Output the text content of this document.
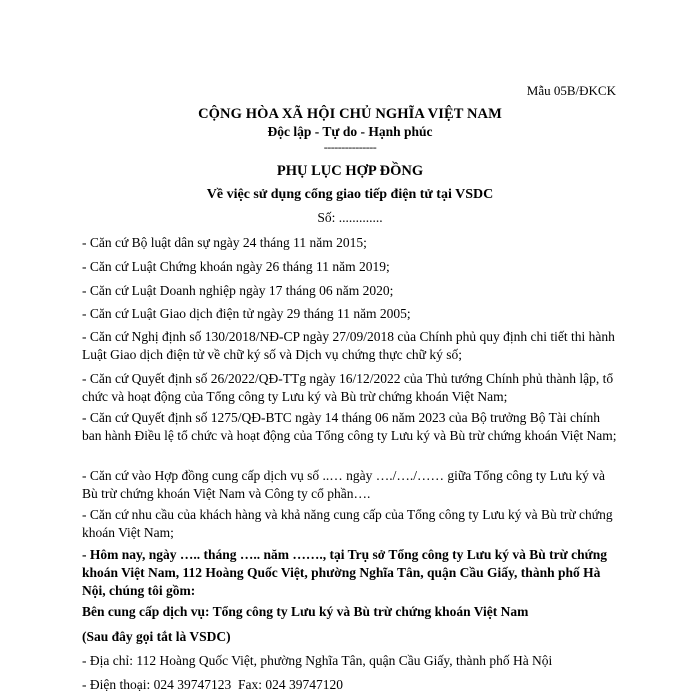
Mẫu 05B/ĐKCK
CỘNG HÒA XÃ HỘI CHỦ NGHĨA VIỆT NAM
Độc lập - Tự do - Hạnh phúc
---------------
PHỤ LỤC HỢP ĐỒNG
Về việc sử dụng cổng giao tiếp điện tử tại VSDC
Số: .............
- Căn cứ Bộ luật dân sự ngày 24 tháng 11 năm 2015;
- Căn cứ Luật Chứng khoán ngày 26 tháng 11 năm 2019;
- Căn cứ Luật Doanh nghiệp ngày 17 tháng 06 năm 2020;
- Căn cứ Luật Giao dịch điện tử ngày 29 tháng 11 năm 2005;
- Căn cứ Nghị định số 130/2018/NĐ-CP ngày 27/09/2018 của Chính phủ quy định chi tiết thi hành Luật Giao dịch điện tử về chữ ký số và Dịch vụ chứng thực chữ ký số;
- Căn cứ Quyết định số 26/2022/QĐ-TTg ngày 16/12/2022 của Thủ tướng Chính phủ thành lập, tổ chức và hoạt động của Tổng công ty Lưu ký và Bù trừ chứng khoán Việt Nam;
- Căn cứ Quyết định số 1275/QĐ-BTC ngày 14 tháng 06 năm 2023 của Bộ trưởng Bộ Tài chính ban hành Điều lệ tổ chức và hoạt động của Tổng công ty Lưu ký và Bù trừ chứng khoán Việt Nam;
- Căn cứ vào Hợp đồng cung cấp dịch vụ số ..… ngày …./…./…… giữa Tổng công ty Lưu ký và Bù trừ chứng khoán Việt Nam và Công ty cổ phần….
- Căn cứ nhu cầu của khách hàng và khả năng cung cấp của Tổng công ty Lưu ký và Bù trừ chứng khoán Việt Nam;
- Hôm nay, ngày ….. tháng ….. năm ……., tại Trụ sở Tổng công ty Lưu ký và Bù trừ chứng khoán Việt Nam, 112 Hoàng Quốc Việt, phường Nghĩa Tân, quận Cầu Giấy, thành phố Hà Nội, chúng tôi gồm:
Bên cung cấp dịch vụ: Tổng công ty Lưu ký và Bù trừ chứng khoán Việt Nam
(Sau đây gọi tắt là VSDC)
- Địa chỉ: 112 Hoàng Quốc Việt, phường Nghĩa Tân, quận Cầu Giấy, thành phố Hà Nội
- Điện thoại: 024 39747123  Fax: 024 39747120
